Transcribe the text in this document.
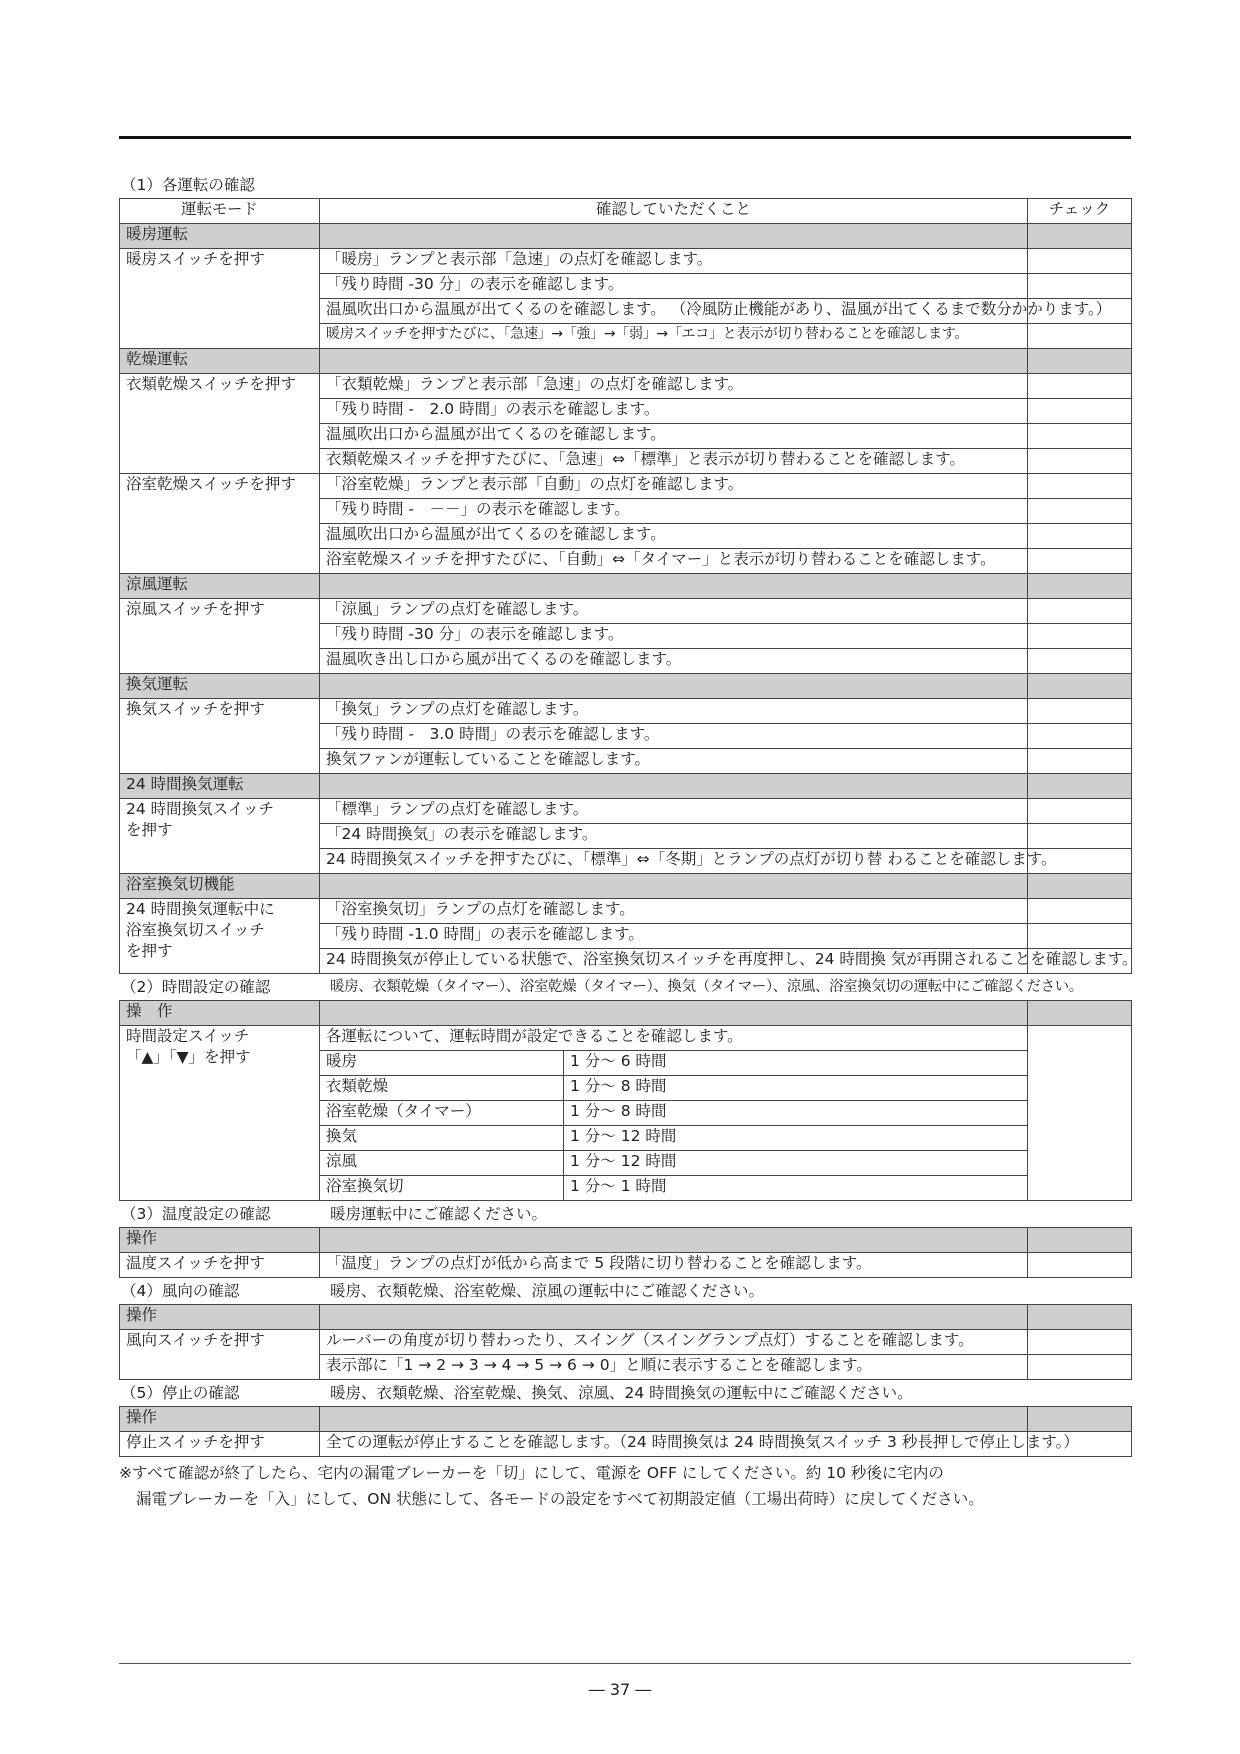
（1）各運転の確認
運転モード	確認していただくこと	チェック
暖房運転		
暖房スイッチを押す	「暖房」ランプと表示部「急速」の点灯を確認します。	
	「残り時間 -30 分」の表示を確認します。	
	温風吹出口から温風が出てくるのを確認します。 （冷風防止機能があり、温風が出てくるまで数分かかります。）	
	暖房スイッチを押すたびに、「急速」→「強」→「弱」→「エコ」と表示が切り替わることを確認します。	
乾燥運転		
衣類乾燥スイッチを押す	「衣類乾燥」ランプと表示部「急速」の点灯を確認します。	
	「残り時間 -　2.0 時間」の表示を確認します。	
	温風吹出口から温風が出てくるのを確認します。	
	衣類乾燥スイッチを押すたびに、「急速」⇔「標準」と表示が切り替わることを確認します。	
浴室乾燥スイッチを押す	「浴室乾燥」ランプと表示部「自動」の点灯を確認します。	
	「残り時間 -　－－」の表示を確認します。	
	温風吹出口から温風が出てくるのを確認します。	
	浴室乾燥スイッチを押すたびに、「自動」⇔「タイマー」と表示が切り替わることを確認します。	
涼風運転		
涼風スイッチを押す	「涼風」ランプの点灯を確認します。	
	「残り時間 -30 分」の表示を確認します。	
	温風吹き出し口から風が出てくるのを確認します。	
換気運転		
換気スイッチを押す	「換気」ランプの点灯を確認します。	
	「残り時間 -　3.0 時間」の表示を確認します。	
	換気ファンが運転していることを確認します。	
24 時間換気運転		
24 時間換気スイッチ
を押す	「標準」ランプの点灯を確認します。	
	「24 時間換気」の表示を確認します。	
	24 時間換気スイッチを押すたびに、「標準」⇔「冬期」とランプの点灯が切り替 わることを確認します。	
浴室換気切機能		
24 時間換気運転中に
浴室換気切スイッチ
を押す	「浴室換気切」ランプの点灯を確認します。	
	「残り時間 -1.0 時間」の表示を確認します。	
	24 時間換気が停止している状態で、浴室換気切スイッチを再度押し、24 時間換 気が再開されることを確認します。	
（2）時間設定の確認	暖房、衣類乾燥（タイマー）、浴室乾燥（タイマー）、換気（タイマー）、涼風、浴室換気切の運転中にご確認ください。
操　作			
時間設定スイッチ
「▲」「▼」を押す	各運転について、運転時間が設定できることを確認します。		
	暖房	1 分～ 6 時間	
	衣類乾燥	1 分～ 8 時間	
	浴室乾燥（タイマー）	1 分～ 8 時間	
	換気	1 分～ 12 時間	
	涼風	1 分～ 12 時間	
	浴室換気切	1 分～ 1 時間	
（3）温度設定の確認	暖房運転中にご確認ください。
操作		
温度スイッチを押す	「温度」ランプの点灯が低から高まで 5 段階に切り替わることを確認します。	
（4）風向の確認	暖房、衣類乾燥、浴室乾燥、涼風の運転中にご確認ください。
操作		
風向スイッチを押す	ルーバーの角度が切り替わったり、スイング（スイングランプ点灯）することを確認します。	
	表示部に「1 → 2 → 3 → 4 → 5 → 6 → 0」と順に表示することを確認します。	
（5）停止の確認	暖房、衣類乾燥、浴室乾燥、換気、涼風、24 時間換気の運転中にご確認ください。
操作		
停止スイッチを押す	全ての運転が停止することを確認します。（24 時間換気は 24 時間換気スイッチ 3 秒長押しで停止します。）	
※すべて確認が終了したら、宅内の漏電ブレーカーを「切」にして、電源を OFF にしてください。約 10 秒後に宅内の
漏電ブレーカーを「入」にして、ON 状態にして、各モードの設定をすべて初期設定値（工場出荷時）に戻してください。
― 37 ―
